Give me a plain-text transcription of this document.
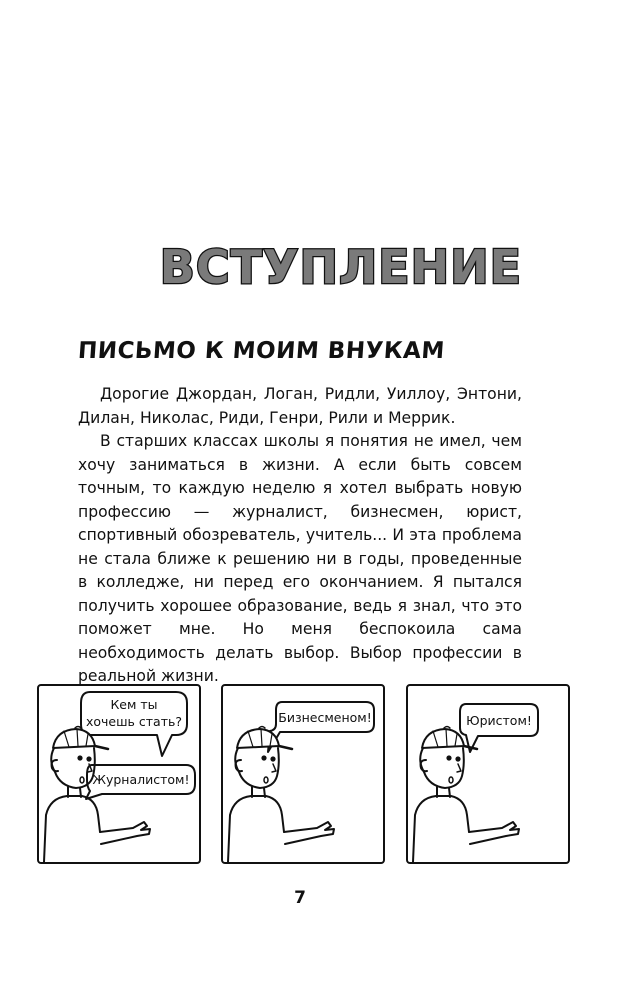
ВСТУПЛЕНИЕ
ПИСЬМО К МОИМ ВНУКАМ

Дорогие Джордан, Логан, Ридли, Уиллоу, Энтони, Дилан, Николас, Риди, Генри, Рили и Меррик.

В старших классах школы я понятия не имел, чем хочу заниматься в жизни. А если быть совсем точным, то каждую неделю я хотел выбрать новую профессию — журналист, бизнесмен, юрист, спортивный обозреватель, учитель... И эта проблема не стала ближе к решению ни в годы, проведенные в колледже, ни перед его окончанием. Я пытался получить хорошее образование, ведь я знал, что это поможет мне. Но меня беспокоила сама необходимость делать выбор. Выбор профессии в реальной жизни.

Кем ты
хочешь стать?
Журналистом!
Бизнесменом!	Юристом!
7
